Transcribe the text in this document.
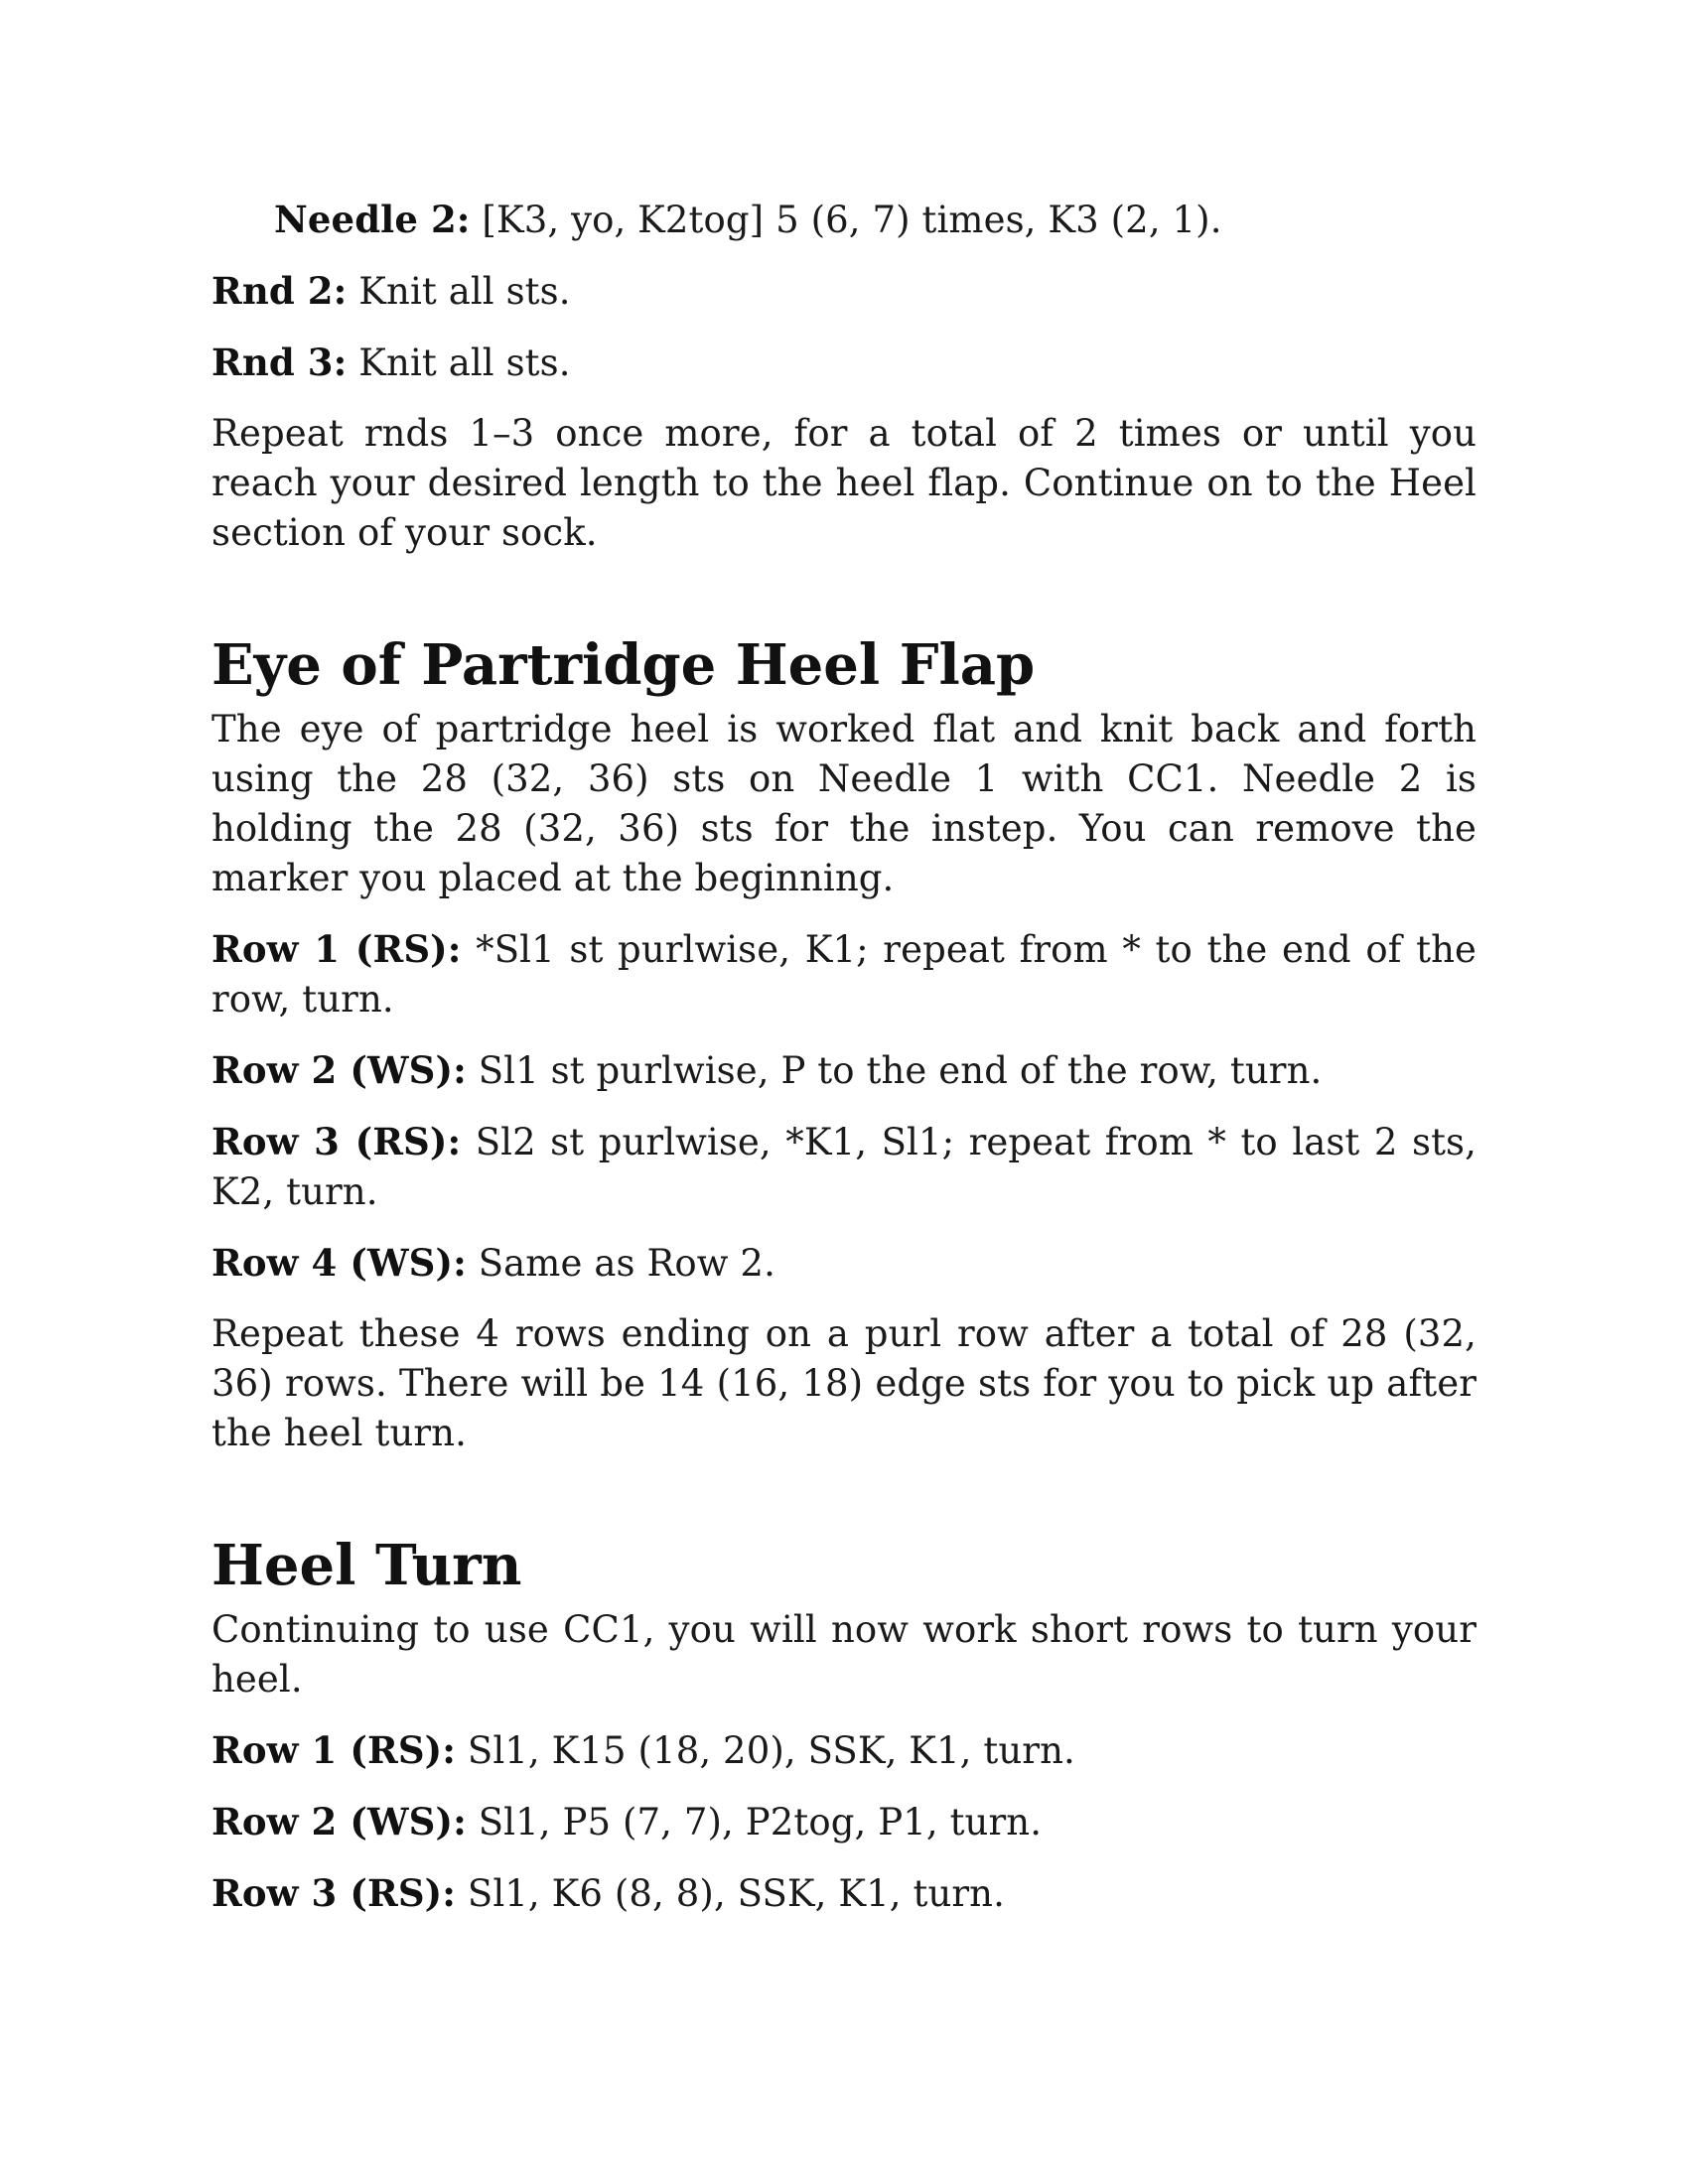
Needle 2: [K3, yo, K2tog] 5 (6, 7) times, K3 (2, 1).

Rnd 2: Knit all sts.

Rnd 3: Knit all sts.

Repeat rnds 1–3 once more, for a total of 2 times or until you reach your desired length to the heel flap. Continue on to the Heel section of your sock.

Eye of Partridge Heel Flap

The eye of partridge heel is worked flat and knit back and forth using the 28 (32, 36) sts on Needle 1 with CC1. Needle 2 is holding the 28 (32, 36) sts for the instep. You can remove the marker you placed at the beginning.

Row 1 (RS): *Sl1 st purlwise, K1; repeat from * to the end of the row, turn.

Row 2 (WS): Sl1 st purlwise, P to the end of the row, turn.

Row 3 (RS): Sl2 st purlwise, *K1, Sl1; repeat from * to last 2 sts, K2, turn.

Row 4 (WS): Same as Row 2.

Repeat these 4 rows ending on a purl row after a total of 28 (32, 36) rows. There will be 14 (16, 18) edge sts for you to pick up after the heel turn.

Heel Turn

Continuing to use CC1, you will now work short rows to turn your heel.

Row 1 (RS): Sl1, K15 (18, 20), SSK, K1, turn.

Row 2 (WS): Sl1, P5 (7, 7), P2tog, P1, turn.

Row 3 (RS): Sl1, K6 (8, 8), SSK, K1, turn.
